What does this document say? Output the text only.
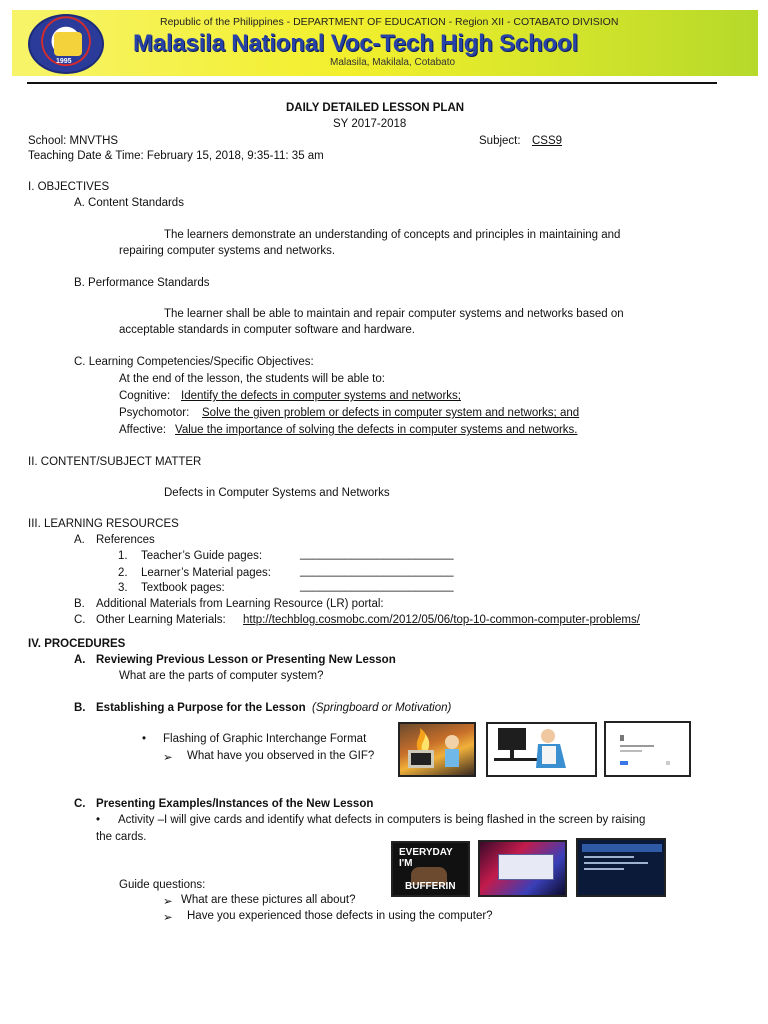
1995
Republic of the Philippines - DEPARTMENT OF EDUCATION - Region XII - COTABATO DIVISION
Malasila National Voc-Tech High School
Malasila, Makilala, Cotabato
DAILY DETAILED LESSON PLAN
SY 2017-2018
School: MNVTHS	Subject: CSS9
Teaching Date & Time: February 15, 2018, 9:35-11: 35 am
I. OBJECTIVES
A. Content Standards
The learners demonstrate an understanding of concepts and principles in maintaining and
repairing computer systems and networks.
B. Performance Standards
The learner shall be able to maintain and repair computer systems and networks based on
acceptable standards in computer software and hardware.
C. Learning Competencies/Specific Objectives:
At the end of the lesson, the students will be able to:
Cognitive: Identify the defects in computer systems and networks;
Psychomotor: Solve the given problem or defects in computer system and networks; and
Affective: Value the importance of solving the defects in computer systems and networks.
II. CONTENT/SUBJECT MATTER
Defects in Computer Systems and Networks
III. LEARNING RESOURCES
A. References
1. Teacher’s Guide pages:	________________________
2. Learner’s Material pages:	________________________
3. Textbook pages:	________________________
B. Additional Materials from Learning Resource (LR) portal:
C. Other Learning Materials: http://techblog.cosmobc.com/2012/05/06/top-10-common-computer-problems/
IV. PROCEDURES
A. Reviewing Previous Lesson or Presenting New Lesson
What are the parts of computer system?
B. Establishing a Purpose for the Lesson (Springboard or Motivation)
• Flashing of Graphic Interchange Format
➢ What have you observed in the GIF?
C. Presenting Examples/Instances of the New Lesson
• Activity –I will give cards and identify what defects in computers is being flashed in the screen by raising
the cards.
EVERYDAY I'M
BUFFERIN
Guide questions:
➢ What are these pictures all about?
➢ Have you experienced those defects in using the computer?
